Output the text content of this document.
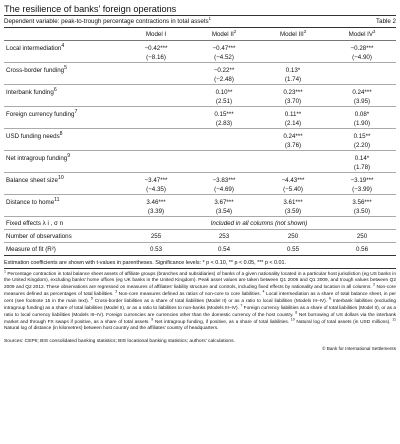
The resilience of banks’ foreign operations
Dependent variable: peak-to-trough percentage contractions in total assets$^1$	Table 2
	Model I	Model $II^2$	Model III$^3$	Model $IV^3$
Local intermediation$^4$	−0.42***	−0.47***		−0.28***
	(−8.16)	(−4.52)		(−4.90)
Cross-border funding$^5$		−0.22**	0.13*	
		(−2.48)	(1.74)	
Interbank funding$^6$		0.10**	0.23***	0.24***
		(2.51)	(3.70)	(3.95)
Foreign currency funding$^7$		0.15***	0.11**	0.08*
		(2.83)	(2.14)	(1.90)
USD funding needs$^8$			0.24***	0.15**
			(3.76)	(2.20)
Net intragroup funding$^9$				0.14*
				(1.78)
Balance sheet size$^{10}$	−3.47***	−3.83***	−4.43***	−3.19***
	(−4.35)	(−4.69)	(−5.40)	(−3.99)
Distance to home$^{11}$	3.46***	3.67***	3.61***	3.56***
	(3.39)	(3.54)	(3.59)	(3.50)
Fixed effects λ i , σ n	Included in all columns (not shown)			
Number of observations	255	253	250	250
Measure of fit (R²)	0.53	0.54	0.55	0.56
Estimation coefficients are shown with t-values in parentheses. Significance levels: * p < 0.10, ** p < 0.05, *** p < 0.01.
$^1$ Percentage contraction in total balance sheet assets of affiliate groups (branches and subsidiaries) of banks of a given nationality located in a particular host jurisdiction (eg US banks in the United Kingdom), excluding banks' home offices (eg UK banks in the United Kingdom). Peak asset values are taken between Q1 2006 and Q1 2009, and trough values between Q2 2009 and Q2 2012. These observations are regressed on measures of affiliates' liability structure and controls, including fixed effects by nationality and location in all columns. $^2$ Non-core measures defined as percentages of total liabilities. $^3$ Non-core measures defined as ratios of non-core to core liabilities. $^4$ Local intermediation as a share of total balance sheet, in per cent (see footnote 15 in the main text). $^5$ Cross-border liabilities as a share of total liabilities (Model II) or as a ratio to local liabilities (Models III–IV). $^6$ Interbank liabilities (excluding intragroup funding) as a share of total liabilities (Model II), or as a ratio to liabilities to non-banks (Models III–IV). $^7$ Foreign currency liabilities as a share of total liabilities (Model II), or as a ratio to local currency liabilities (Models III–IV). Foreign currencies are currencies other than the domestic currency of the host country. $^8$ Net borrowing of US dollars via the interbank market and through FX swaps if positive, as a share of total assets. $^9$ Net intragroup funding, if positive, as a share of total liabilities. $^{10}$ Natural log of total assets (in USD millions). $^{11}$ Natural log of distance (in kilometres) between host country and the affiliates' country of headquarters.
Sources: CEPII; BIS consolidated banking statistics; BIS locational banking statistics; authors' calculations.
© Bank for International Settlements
